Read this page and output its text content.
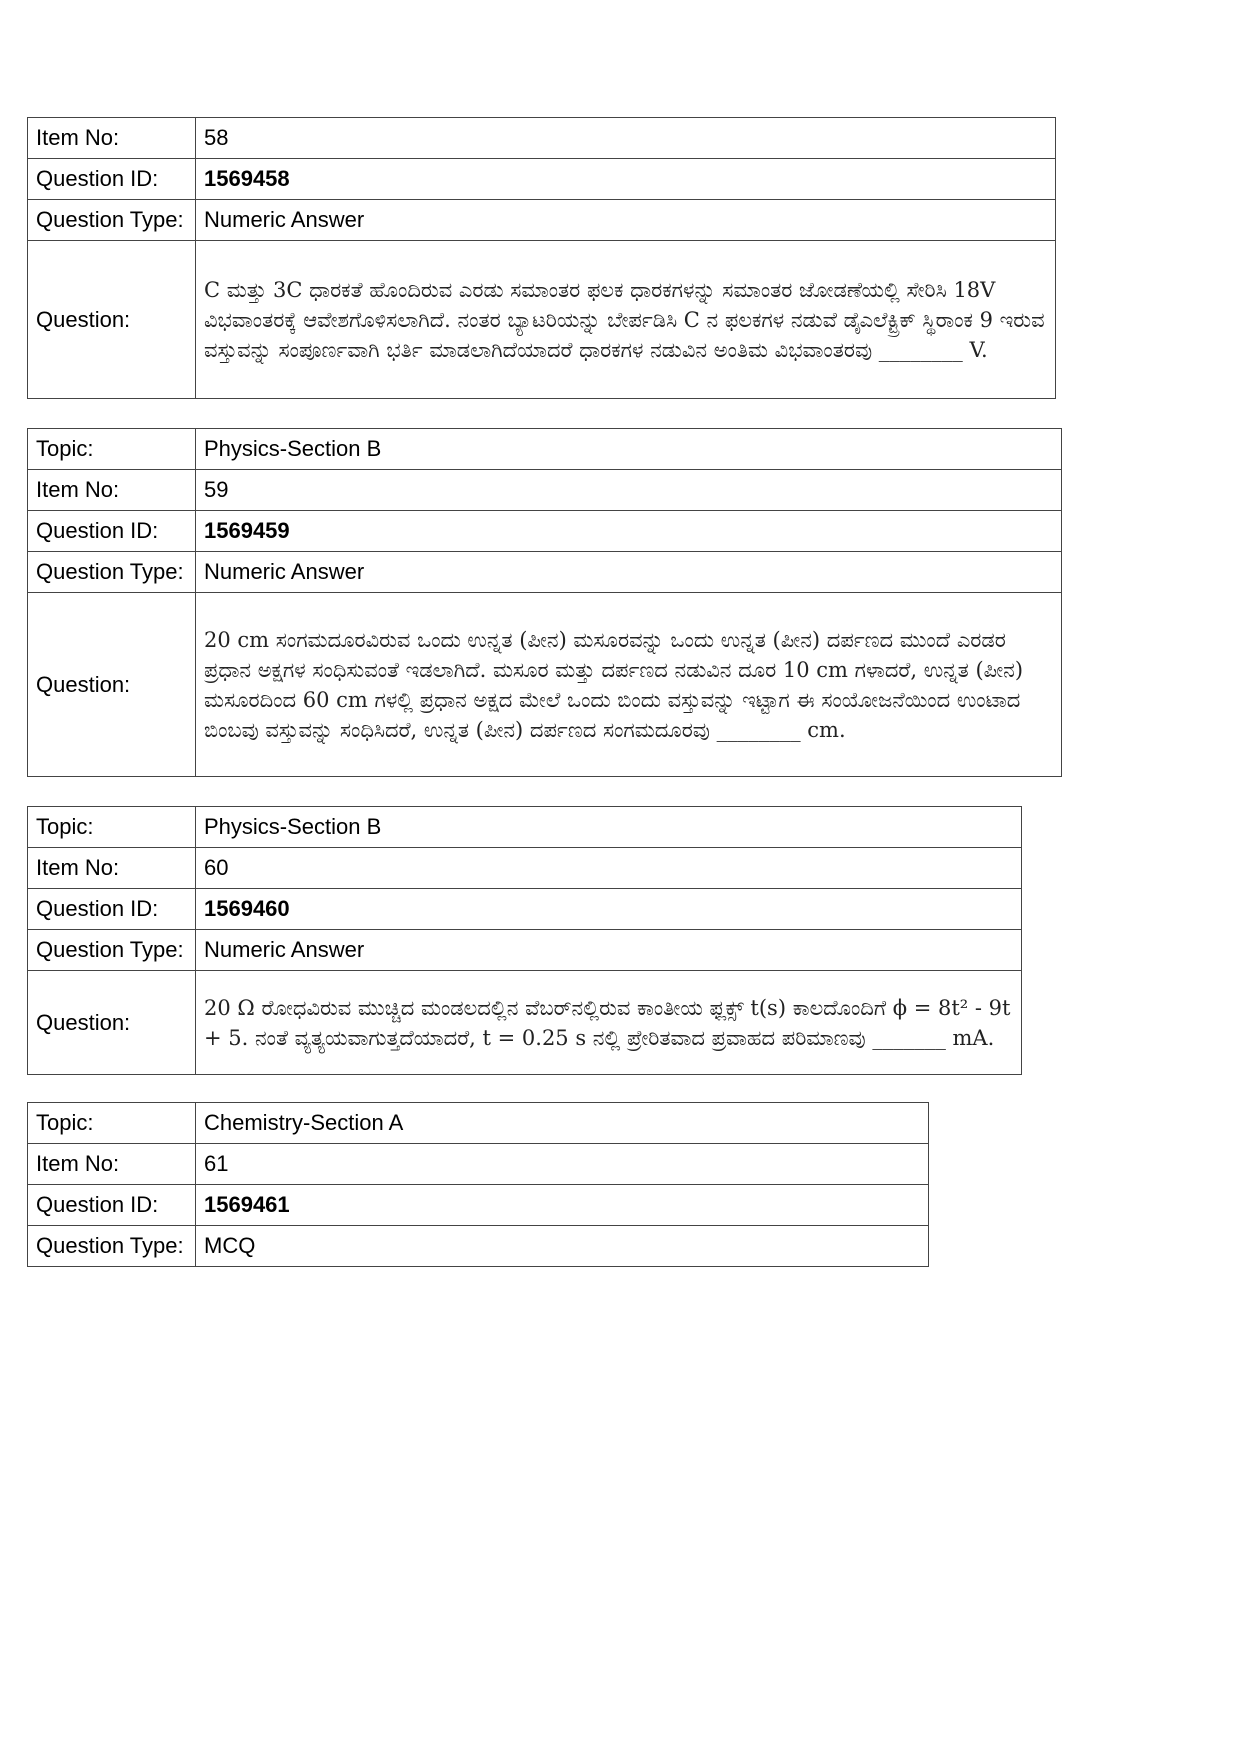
Item No:	58
Question ID:	1569458
Question Type:	Numeric Answer
Question:	C ಮತ್ತು 3C ಧಾರಕತೆ ಹೊಂದಿರುವ ಎರಡು ಸಮಾಂತರ ಫಲಕ ಧಾರಕಗಳನ್ನು ಸಮಾಂತರ ಜೋಡಣೆಯಲ್ಲಿ ಸೇರಿಸಿ 18V ವಿಭವಾಂತರಕ್ಕೆ ಆವೇಶಗೊಳಿಸಲಾಗಿದೆ. ನಂತರ ಬ್ಯಾಟರಿಯನ್ನು ಬೇರ್ಪಡಿಸಿ C ನ ಫಲಕಗಳ ನಡುವೆ ಡೈಎಲೆಕ್ಟ್ರಿಕ್ ಸ್ಥಿರಾಂಕ 9 ಇರುವ ವಸ್ತುವನ್ನು ಸಂಪೂರ್ಣವಾಗಿ ಭರ್ತಿ ಮಾಡಲಾಗಿದೆಯಾದರೆ ಧಾರಕಗಳ ನಡುವಿನ ಅಂತಿಮ ವಿಭವಾಂತರವು ________ V.
Topic:	Physics-Section B
Item No:	59
Question ID:	1569459
Question Type:	Numeric Answer
Question:	20 cm ಸಂಗಮದೂರವಿರುವ ಒಂದು ಉನ್ನತ (ಪೀನ) ಮಸೂರವನ್ನು ಒಂದು ಉನ್ನತ (ಪೀನ) ದರ್ಪಣದ ಮುಂದೆ ಎರಡರ ಪ್ರಧಾನ ಅಕ್ಷಗಳ ಸಂಧಿಸುವಂತೆ ಇಡಲಾಗಿದೆ. ಮಸೂರ ಮತ್ತು ದರ್ಪಣದ ನಡುವಿನ ದೂರ 10 cm ಗಳಾದರೆ, ಉನ್ನತ (ಪೀನ) ಮಸೂರದಿಂದ 60 cm ಗಳಲ್ಲಿ ಪ್ರಧಾನ ಅಕ್ಷದ ಮೇಲೆ ಒಂದು ಬಿಂದು ವಸ್ತುವನ್ನು ಇಟ್ಟಾಗ ಈ ಸಂಯೋಜನೆಯಿಂದ ಉಂಟಾದ ಬಿಂಬವು ವಸ್ತುವನ್ನು ಸಂಧಿಸಿದರೆ, ಉನ್ನತ (ಪೀನ) ದರ್ಪಣದ ಸಂಗಮದೂರವು ________ cm.
Topic:	Physics-Section B
Item No:	60
Question ID:	1569460
Question Type:	Numeric Answer
Question:	20 Ω ರೋಧವಿರುವ ಮುಚ್ಚಿದ ಮಂಡಲದಲ್ಲಿನ ವೆಬರ್‌ನಲ್ಲಿರುವ ಕಾಂತೀಯ ಫ್ಲಕ್ಸ್ t(s) ಕಾಲದೊಂದಿಗೆ ϕ = 8t² - 9t + 5. ನಂತೆ ವ್ಯತ್ಯಯವಾಗುತ್ತದೆಯಾದರೆ, t = 0.25 s ನಲ್ಲಿ ಪ್ರೇರಿತವಾದ ಪ್ರವಾಹದ ಪರಿಮಾಣವು _______ mA.
Topic:	Chemistry-Section A
Item No:	61
Question ID:	1569461
Question Type:	MCQ
